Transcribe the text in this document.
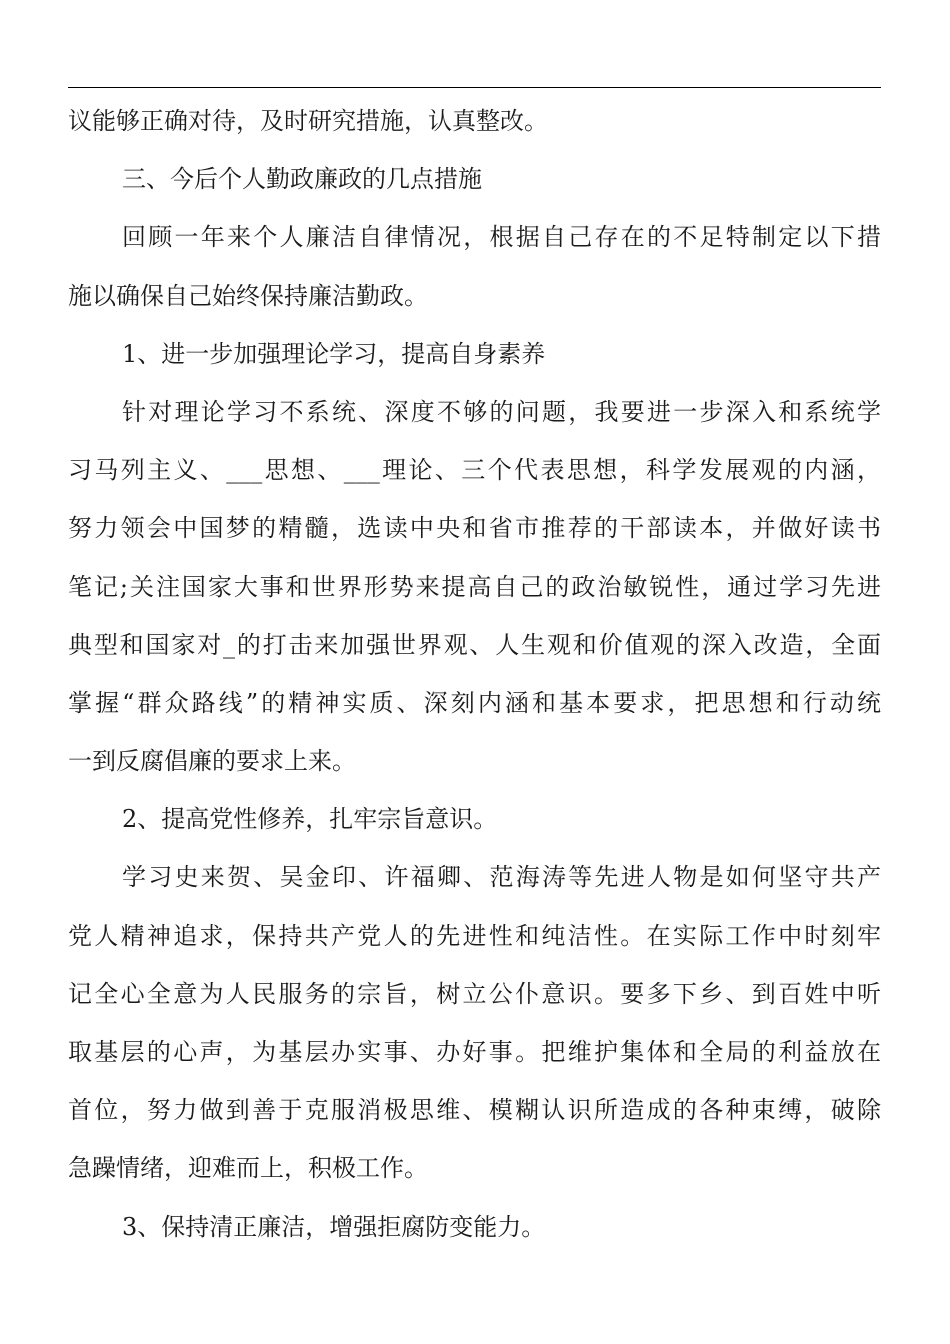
议能够正确对待，及时研究措施，认真整改。
三、今后个人勤政廉政的几点措施
回顾一年来个人廉洁自律情况，根据自己存在的不足特制定以下措
施以确保自己始终保持廉洁勤政。
1、进一步加强理论学习，提高自身素养
针对理论学习不系统、深度不够的问题，我要进一步深入和系统学
习马列主义、___思想、___理论、三个代表思想，科学发展观的内涵，
努力领会中国梦的精髓，选读中央和省市推荐的干部读本，并做好读书
笔记;关注国家大事和世界形势来提高自己的政治敏锐性，通过学习先进
典型和国家对_的打击来加强世界观、人生观和价值观的深入改造，全面
掌握“群众路线”的精神实质、深刻内涵和基本要求，把思想和行动统
一到反腐倡廉的要求上来。
2、提高党性修养，扎牢宗旨意识。
学习史来贺、吴金印、许福卿、范海涛等先进人物是如何坚守共产
党人精神追求，保持共产党人的先进性和纯洁性。在实际工作中时刻牢
记全心全意为人民服务的宗旨，树立公仆意识。要多下乡、到百姓中听
取基层的心声，为基层办实事、办好事。把维护集体和全局的利益放在
首位，努力做到善于克服消极思维、模糊认识所造成的各种束缚，破除
急躁情绪，迎难而上，积极工作。
3、保持清正廉洁，增强拒腐防变能力。
